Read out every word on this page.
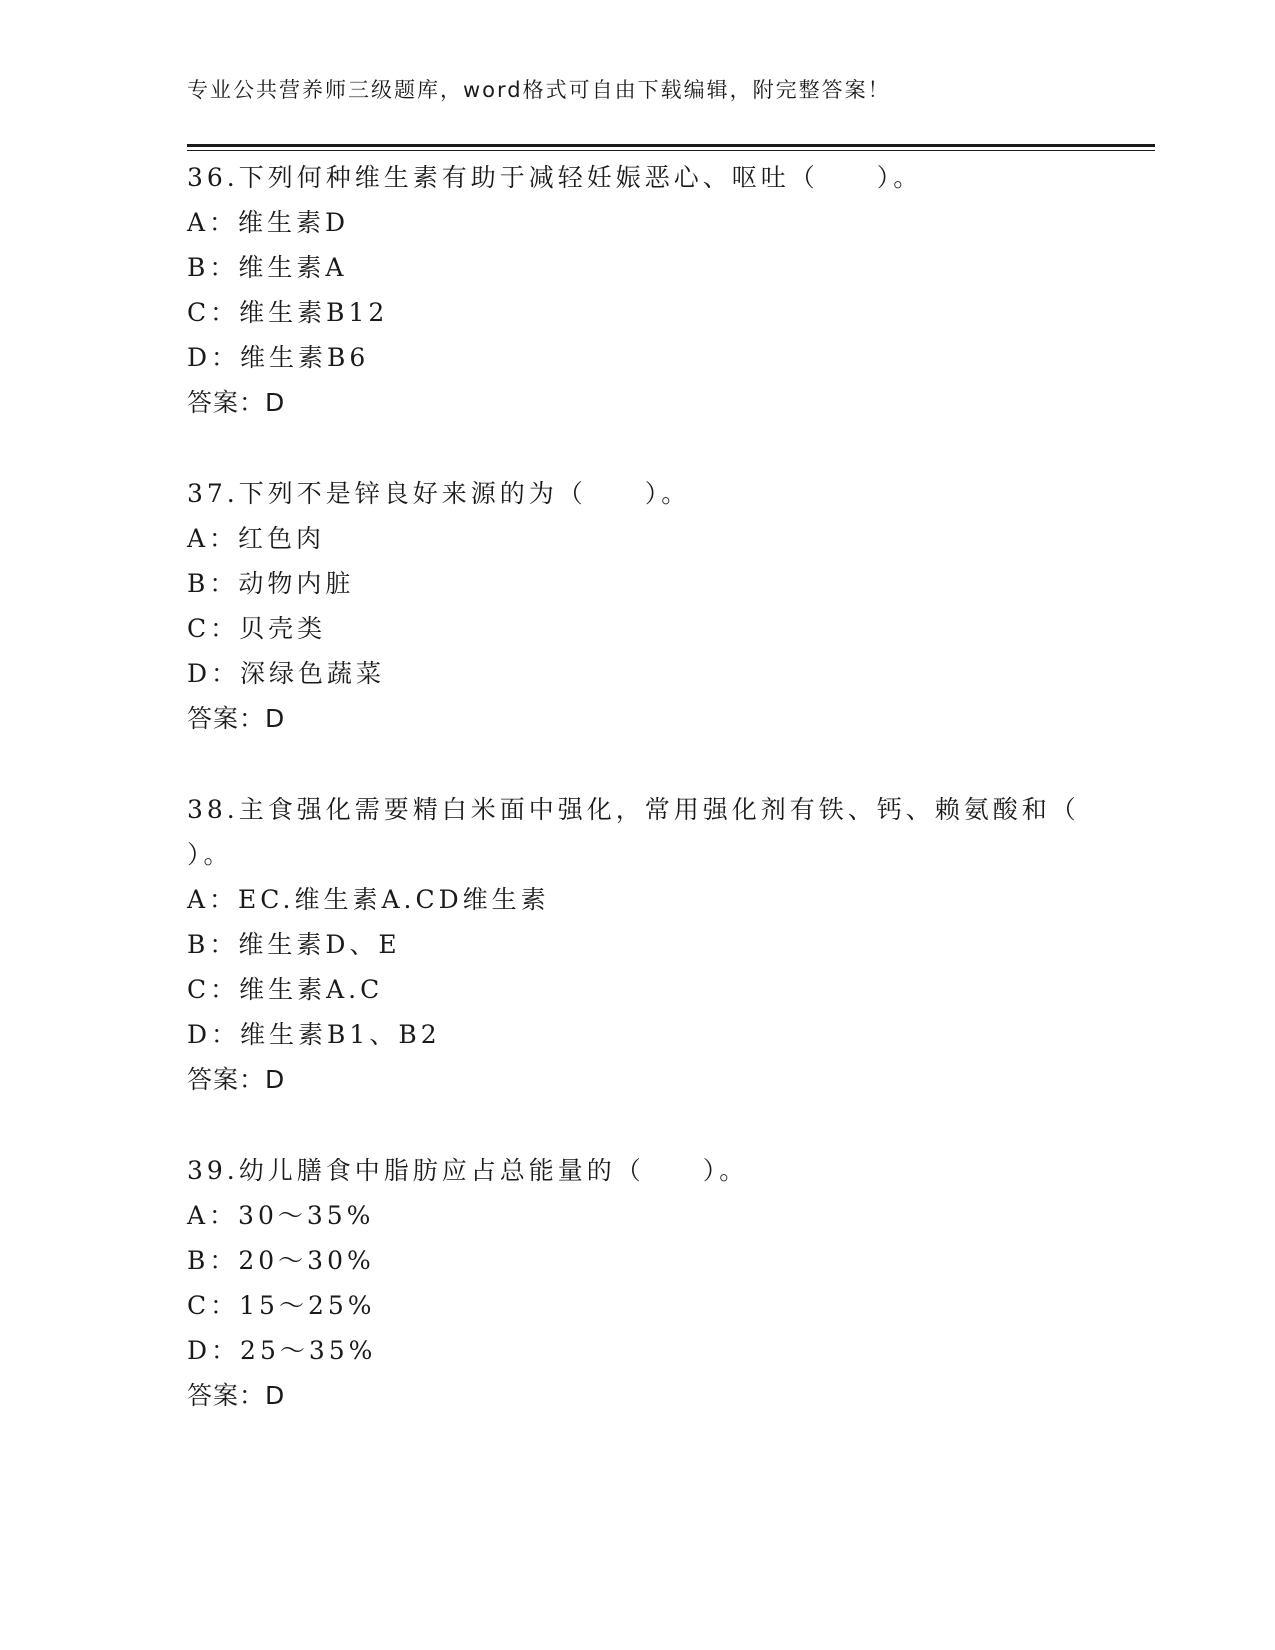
专业公共营养师三级题库，word格式可自由下载编辑，附完整答案！
36.下列何种维生素有助于减轻妊娠恶心、呕吐（　　）。
A：维生素D
B：维生素A
C：维生素B12
D：维生素B6
答案：D
37.下列不是锌良好来源的为（　　）。
A：红色肉
B：动物内脏
C：贝壳类
D：深绿色蔬菜
答案：D
38.主食强化需要精白米面中强化，常用强化剂有铁、钙、赖氨酸和（
）。
A：EC.维生素A.CD维生素
B：维生素D、E
C：维生素A.C
D：维生素B1、B2
答案：D
39.幼儿膳食中脂肪应占总能量的（　　）。
A：30～35%
B：20～30%
C：15～25%
D：25～35%
答案：D
